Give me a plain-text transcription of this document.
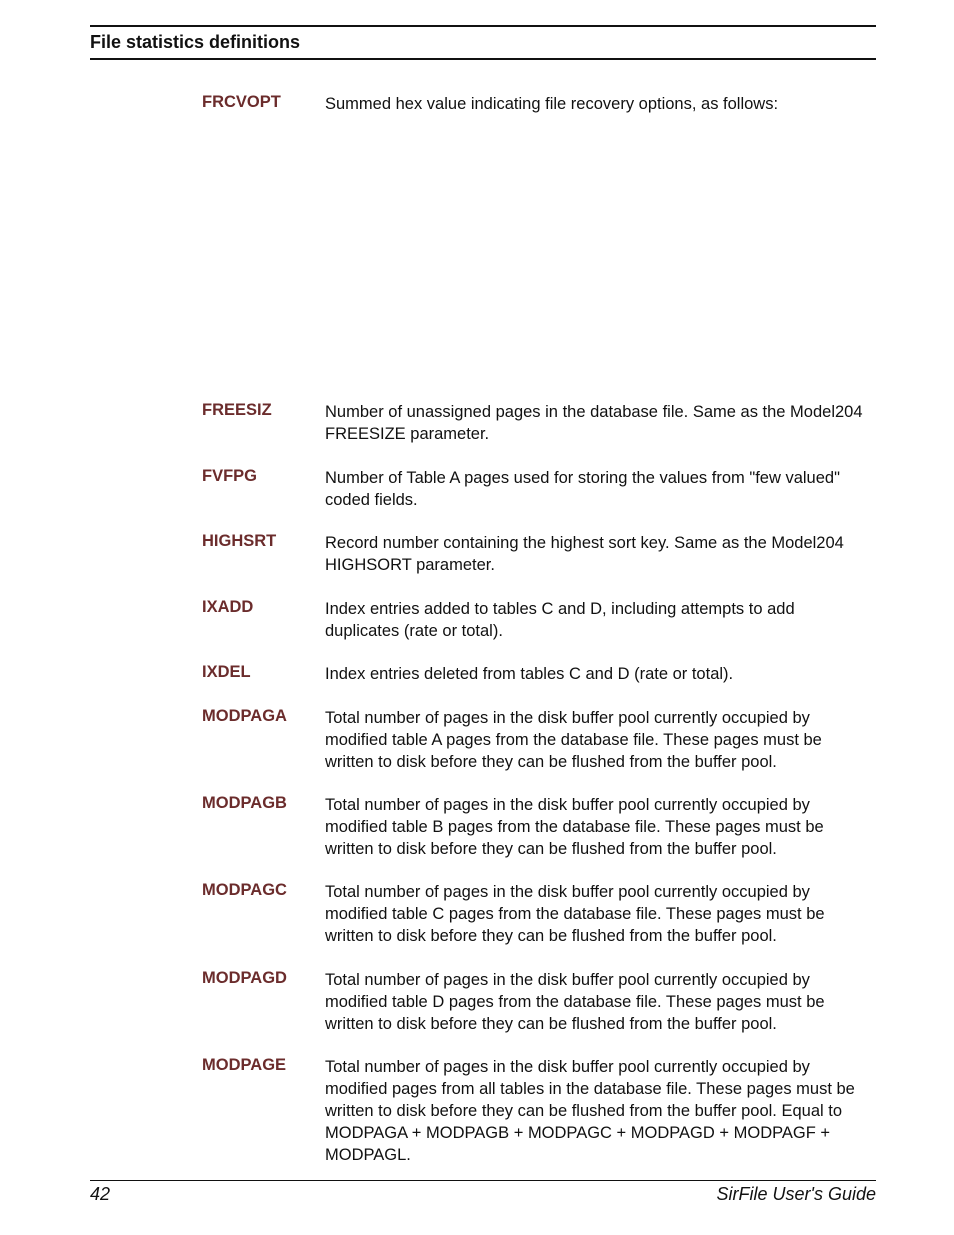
File statistics definitions
FRCVOPT	Summed hex value indicating file recovery options, as follows:
FREESIZ	Number of unassigned pages in the database file. Same as the Model204 FREESIZE parameter.
FVFPG	Number of Table A pages used for storing the values from "few valued" coded fields.
HIGHSRT	Record number containing the highest sort key. Same as the Model204 HIGHSORT parameter.
IXADD	Index entries added to tables C and D, including attempts to add duplicates (rate or total).
IXDEL	Index entries deleted from tables C and D (rate or total).
MODPAGA Total number of pages in the disk buffer pool currently occupied by modified table A pages from the database file. These pages must be written to disk before they can be flushed from the buffer pool.
MODPAGB Total number of pages in the disk buffer pool currently occupied by modified table B pages from the database file. These pages must be written to disk before they can be flushed from the buffer pool.
MODPAGC Total number of pages in the disk buffer pool currently occupied by modified table C pages from the database file. These pages must be written to disk before they can be flushed from the buffer pool.
MODPAGD Total number of pages in the disk buffer pool currently occupied by modified table D pages from the database file. These pages must be written to disk before they can be flushed from the buffer pool.
MODPAGE Total number of pages in the disk buffer pool currently occupied by modified pages from all tables in the database file. These pages must be written to disk before they can be flushed from the buffer pool. Equal to MODPAGA + MODPAGB + MODPAGC + MODPAGD + MODPAGF + MODPAGL.
42	SirFile User's Guide
